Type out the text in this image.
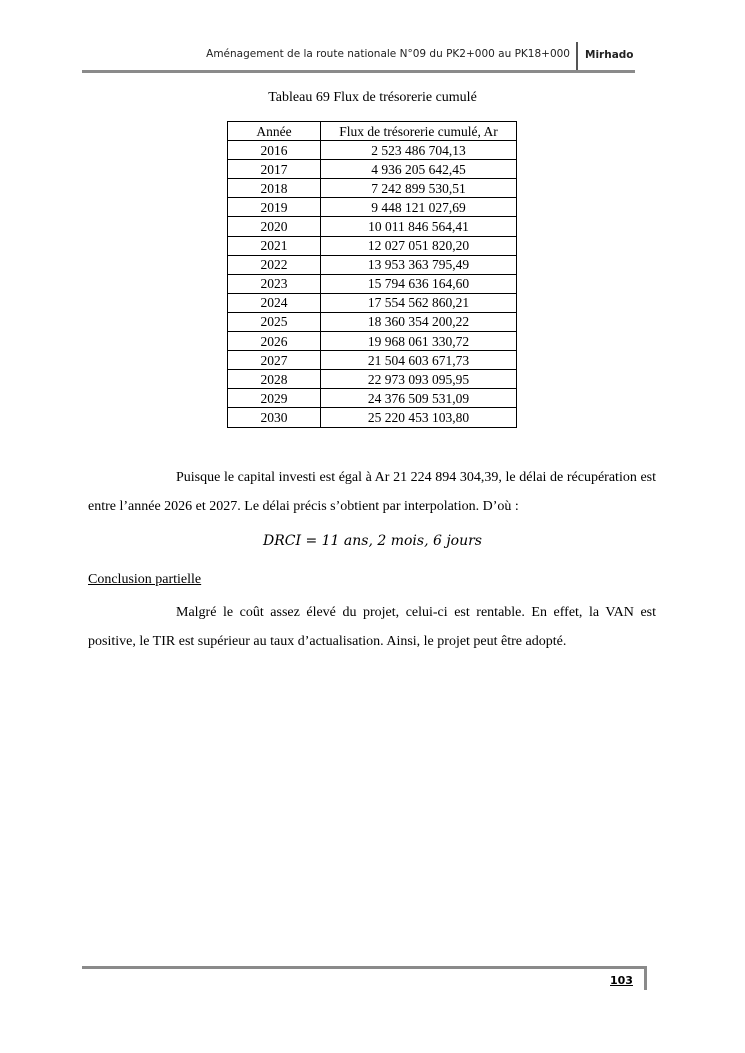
Aménagement de la route nationale N°09 du PK2+000 au PK18+000 Mirhado
Tableau 69 Flux de trésorerie cumulé
Année	Flux de trésorerie cumulé, Ar
2016	2 523 486 704,13
2017	4 936 205 642,45
2018	7 242 899 530,51
2019	9 448 121 027,69
2020	10 011 846 564,41
2021	12 027 051 820,20
2022	13 953 363 795,49
2023	15 794 636 164,60
2024	17 554 562 860,21
2025	18 360 354 200,22
2026	19 968 061 330,72
2027	21 504 603 671,73
2028	22 973 093 095,95
2029	24 376 509 531,09
2030	25 220 453 103,80
Puisque le capital investi est égal à Ar 21 224 894 304,39, le délai de récupération est entre l’année 2026 et 2027. Le délai précis s’obtient par interpolation. D’où :
DRCI = 11 ans, 2 mois, 6 jours
Conclusion partielle
Malgré le coût assez élevé du projet, celui-ci est rentable. En effet, la VAN est positive, le TIR est supérieur au taux d’actualisation. Ainsi, le projet peut être adopté.
103
